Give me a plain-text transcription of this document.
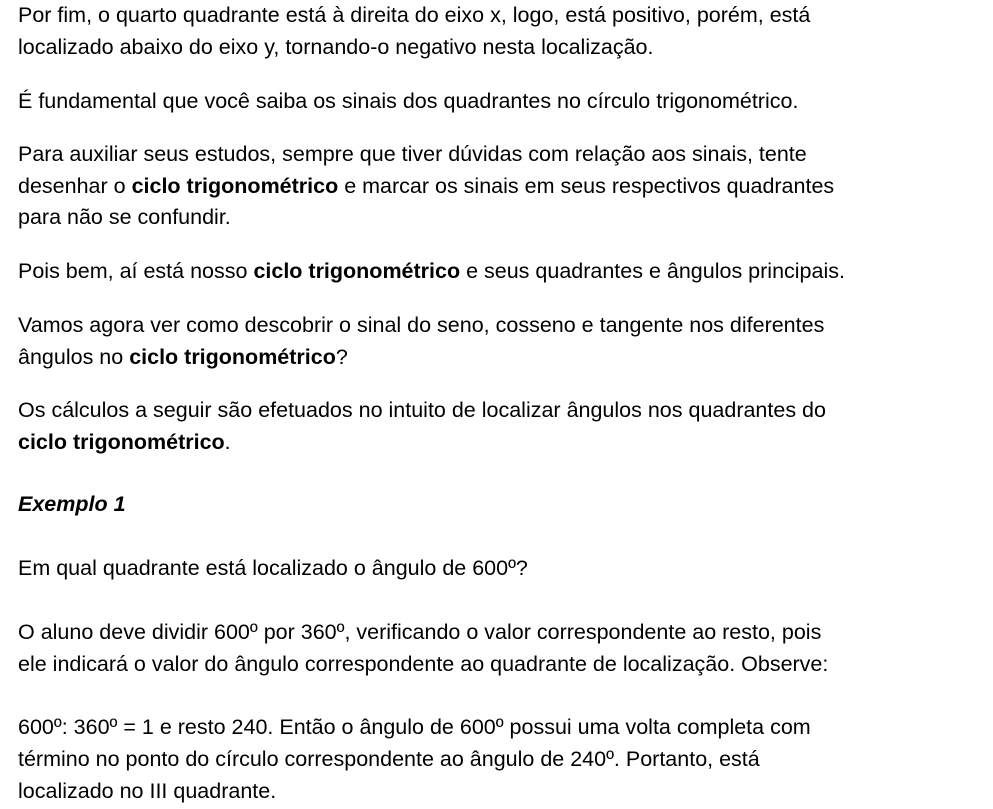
Por fim, o quarto quadrante está à direita do eixo x, logo, está positivo, porém, está
localizado abaixo do eixo y, tornando-o negativo nesta localização.
É fundamental que você saiba os sinais dos quadrantes no círculo trigonométrico.
Para auxiliar seus estudos, sempre que tiver dúvidas com relação aos sinais, tente
desenhar o ciclo trigonométrico e marcar os sinais em seus respectivos quadrantes
para não se confundir.
Pois bem, aí está nosso ciclo trigonométrico e seus quadrantes e ângulos principais.
Vamos agora ver como descobrir o sinal do seno, cosseno e tangente nos diferentes
ângulos no ciclo trigonométrico?
Os cálculos a seguir são efetuados no intuito de localizar ângulos nos quadrantes do
ciclo trigonométrico.
Exemplo 1
Em qual quadrante está localizado o ângulo de 600º?
O aluno deve dividir 600º por 360º, verificando o valor correspondente ao resto, pois
ele indicará o valor do ângulo correspondente ao quadrante de localização. Observe:
600º: 360º = 1 e resto 240. Então o ângulo de 600º possui uma volta completa com
término no ponto do círculo correspondente ao ângulo de 240º. Portanto, está
localizado no III quadrante.
